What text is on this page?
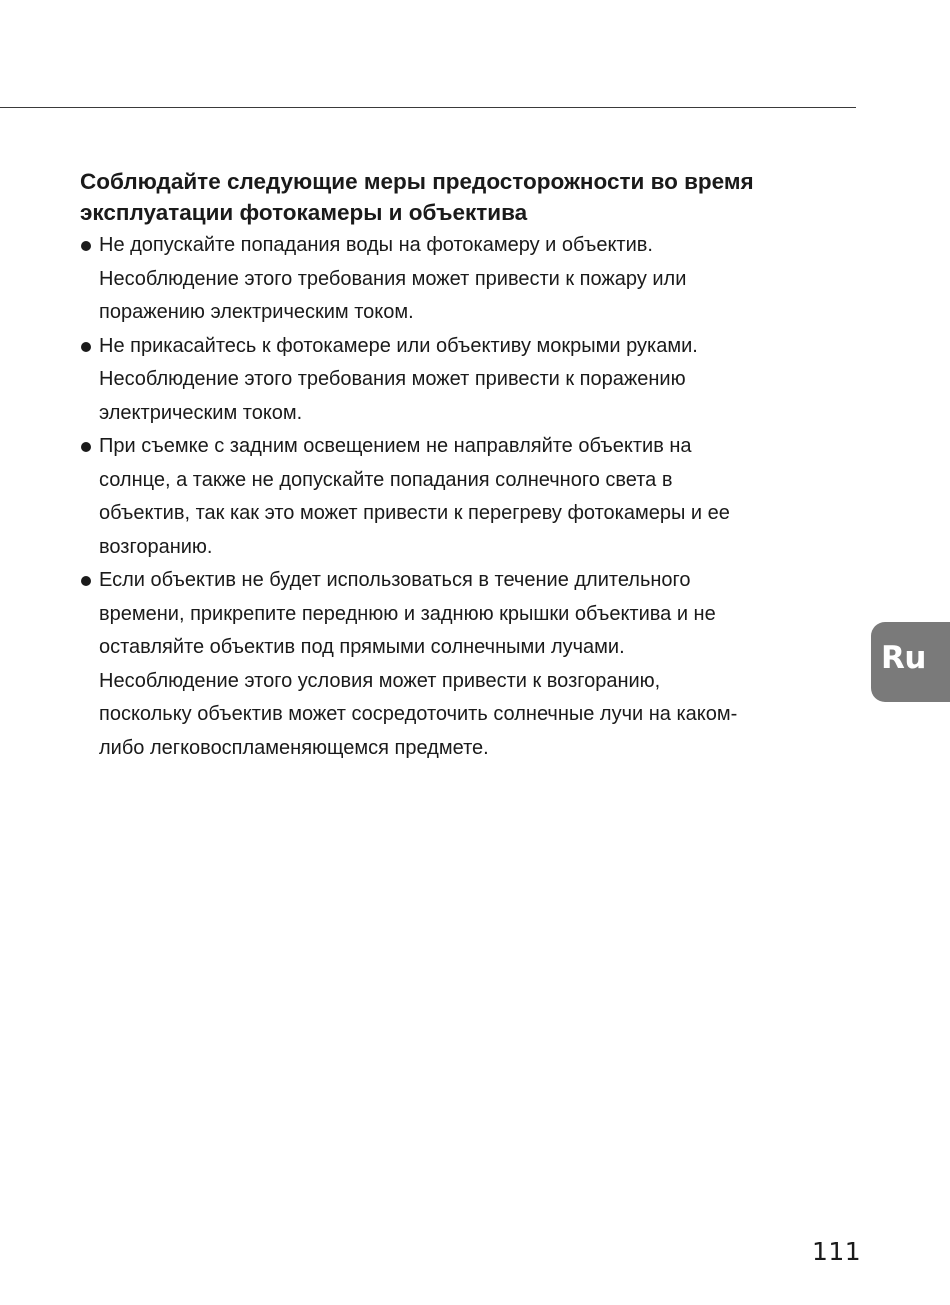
Соблюдайте следующие меры предосторожности во время
эксплуатации фотокамеры и объектива
Не допускайте попадания воды на фотокамеру и объектив.
Несоблюдение этого требования может привести к пожару или
поражению электрическим током.
Не прикасайтесь к фотокамере или объективу мокрыми руками.
Несоблюдение этого требования может привести к поражению
электрическим током.
При съемке с задним освещением не направляйте объектив на
солнце, а также не допускайте попадания солнечного света в
объектив, так как это может привести к перегреву фотокамеры и ее
возгоранию.
Если объектив не будет использоваться в течение длительного
времени, прикрепите переднюю и заднюю крышки объектива и не
оставляйте объектив под прямыми солнечными лучами.
Несоблюдение этого условия может привести к возгоранию,
поскольку объектив может сосредоточить солнечные лучи на каком-
либо легковоспламеняющемся предмете.
Ru
111
